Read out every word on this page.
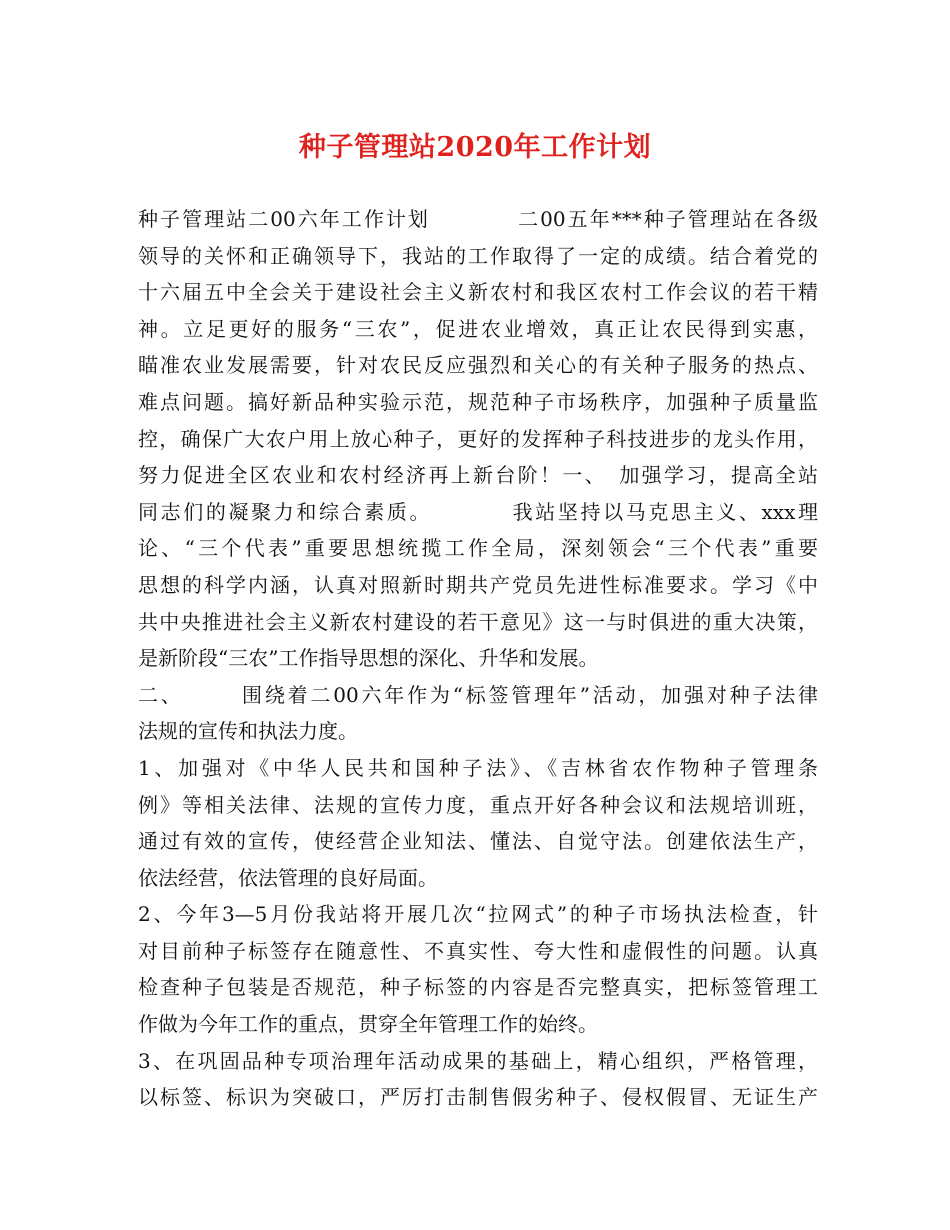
种子管理站2020年工作计划
种子管理站二00六年工作计划　　　　二00五年***种子管理站在各级
领导的关怀和正确领导下，我站的工作取得了一定的成绩。结合着党的
十六届五中全会关于建设社会主义新农村和我区农村工作会议的若干精
神。立足更好的服务“三农”，促进农业增效，真正让农民得到实惠，
瞄准农业发展需要，针对农民反应强烈和关心的有关种子服务的热点、
难点问题。搞好新品种实验示范，规范种子市场秩序，加强种子质量监
控，确保广大农户用上放心种子，更好的发挥种子科技进步的龙头作用，
努力促进全区农业和农村经济再上新台阶！一、　加强学习，提高全站
同志们的凝聚力和综合素质。　　　　我站坚持以马克思主义、xxx理
论、“三个代表”重要思想统揽工作全局，深刻领会“三个代表”重要
思想的科学内涵，认真对照新时期共产党员先进性标准要求。学习《中
共中央推进社会主义新农村建设的若干意见》这一与时俱进的重大决策，
是新阶段“三农”工作指导思想的深化、升华和发展。
二、　　　围绕着二00六年作为“标签管理年”活动，加强对种子法律
法规的宣传和执法力度。
1、加强对《中华人民共和国种子法》、《吉林省农作物种子管理条
例》等相关法律、法规的宣传力度，重点开好各种会议和法规培训班，
通过有效的宣传，使经营企业知法、懂法、自觉守法。创建依法生产，
依法经营，依法管理的良好局面。
2、今年3—5月份我站将开展几次“拉网式”的种子市场执法检查，针
对目前种子标签存在随意性、不真实性、夸大性和虚假性的问题。认真
检查种子包装是否规范，种子标签的内容是否完整真实，把标签管理工
作做为今年工作的重点，贯穿全年管理工作的始终。
3、在巩固品种专项治理年活动成果的基础上，精心组织，严格管理，
以标签、标识为突破口，严厉打击制售假劣种子、侵权假冒、无证生产
